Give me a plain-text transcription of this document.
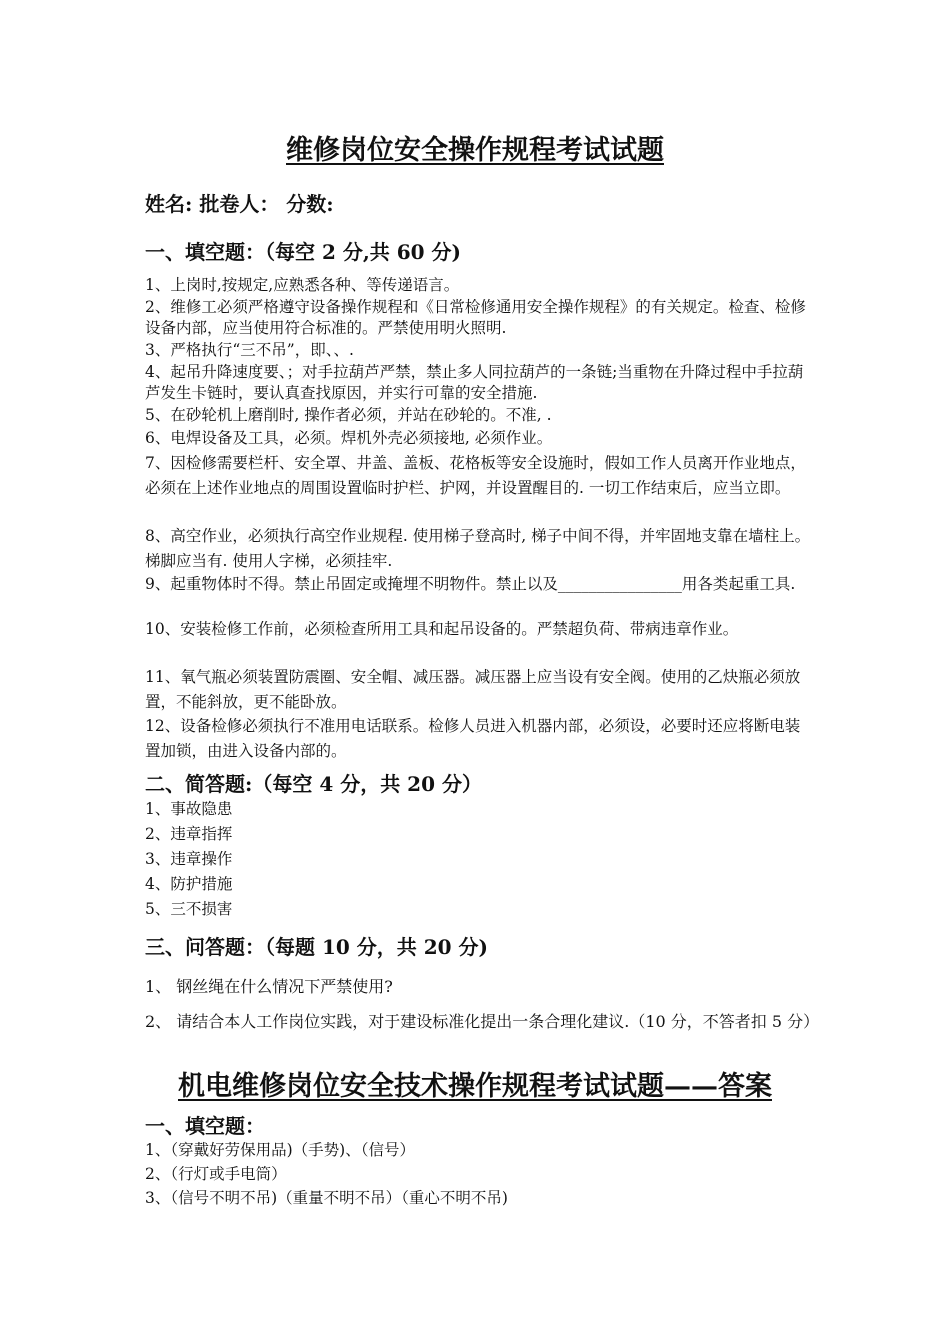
维修岗位安全操作规程考试试题
姓名: 批卷人： 分数:
一、填空题：（每空 2 分,共 60 分)
1、上岗时,按规定,应熟悉各种、等传递语言。
2、维修工必须严格遵守设备操作规程和《日常检修通用安全操作规程》的有关规定。检查、检修设备内部，应当使用符合标准的。严禁使用明火照明.
3、严格执行“三不吊”，即、、.
4、起吊升降速度要、；对手拉葫芦严禁，禁止多人同拉葫芦的一条链;当重物在升降过程中手拉葫芦发生卡链时，要认真查找原因，并实行可靠的安全措施.
5、在砂轮机上磨削时, 操作者必须，并站在砂轮的。不准, .
6、电焊设备及工具，必须。焊机外壳必须接地, 必须作业。
7、因检修需要栏杆、安全罩、井盖、盖板、花格板等安全设施时，假如工作人员离开作业地点，必须在上述作业地点的周围设置临时护栏、护网，并设置醒目的. 一切工作结束后，应当立即。
8、高空作业，必须执行高空作业规程. 使用梯子登高时, 梯子中间不得，并牢固地支靠在墙柱上。梯脚应当有. 使用人字梯，必须挂牢.
9、起重物体时不得。禁止吊固定或掩埋不明物件。禁止以及________________用各类起重工具.
10、安装检修工作前，必须检查所用工具和起吊设备的。严禁超负荷、带病违章作业。
11、氧气瓶必须装置防震圈、安全帽、减压器。减压器上应当设有安全阀。使用的乙炔瓶必须放置，不能斜放，更不能卧放。
12、设备检修必须执行不准用电话联系。检修人员进入机器内部，必须设，必要时还应将断电装置加锁，由进入设备内部的。
二、简答题:（每空 4 分，共 20 分）
1、事故隐患
2、违章指挥
3、违章操作
4、防护措施
5、三不损害
三、问答题：（每题 10 分，共 20 分)
1、 钢丝绳在什么情况下严禁使用?
2、 请结合本人工作岗位实践，对于建设标准化提出一条合理化建议.（10 分，不答者扣 5 分）
机电维修岗位安全技术操作规程考试试题——答案
一、填空题：
1、（穿戴好劳保用品)（手势)、（信号）
2、（行灯或手电筒）
3、（信号不明不吊)（重量不明不吊）（重心不明不吊)
